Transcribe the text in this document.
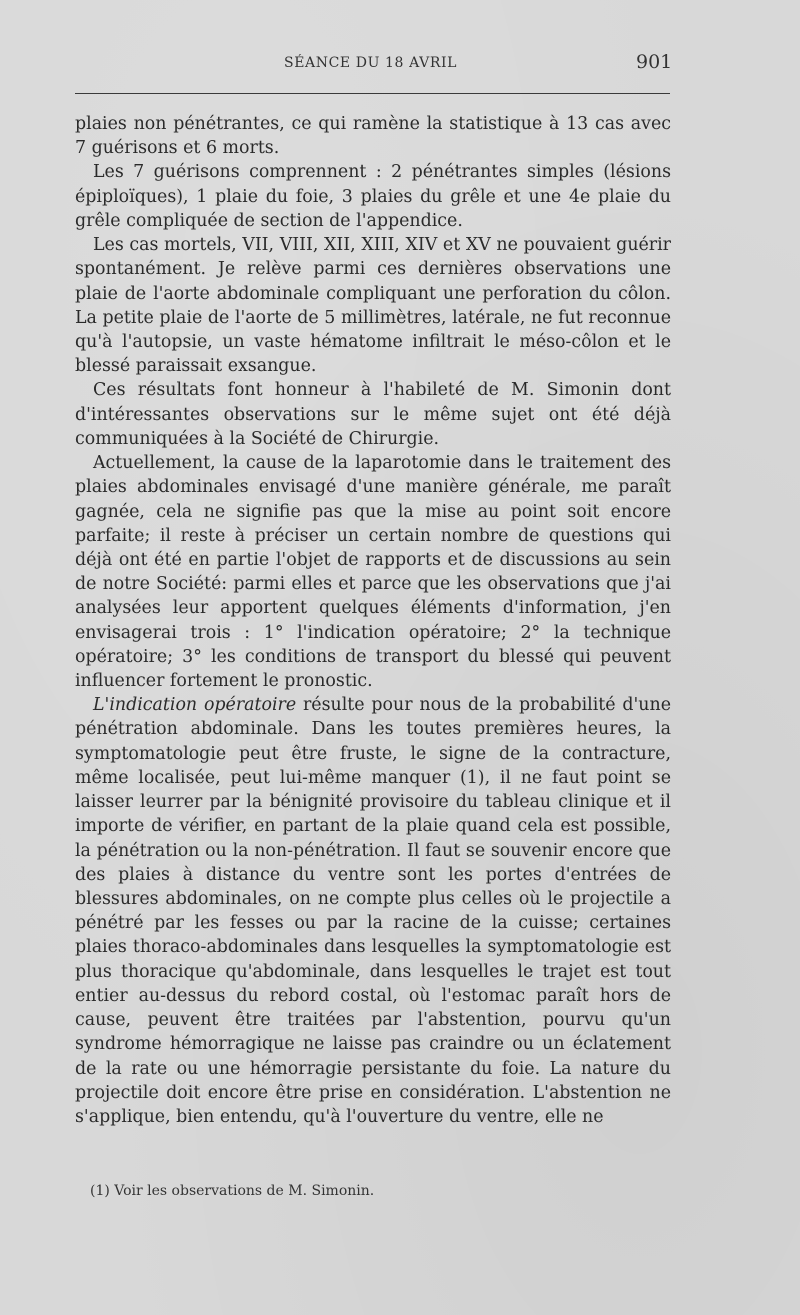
SÉANCE DU 18 AVRIL	901

plaies non pénétrantes, ce qui ramène la statistique à 13 cas avec 7 guérisons et 6 morts.

Les 7 guérisons comprennent : 2 pénétrantes simples (lésions épiploïques), 1 plaie du foie, 3 plaies du grêle et une 4e plaie du grêle compliquée de section de l'appendice.

Les cas mortels, VII, VIII, XII, XIII, XIV et XV ne pouvaient guérir spontanément. Je relève parmi ces dernières observations une plaie de l'aorte abdominale compliquant une perforation du côlon. La petite plaie de l'aorte de 5 millimètres, latérale, ne fut reconnue qu'à l'autopsie, un vaste hématome infiltrait le méso-côlon et le blessé paraissait exsangue.

Ces résultats font honneur à l'habileté de M. Simonin dont d'intéressantes observations sur le même sujet ont été déjà communiquées à la Société de Chirurgie.

Actuellement, la cause de la laparotomie dans le traitement des plaies abdominales envisagé d'une manière générale, me paraît gagnée, cela ne signifie pas que la mise au point soit encore parfaite; il reste à préciser un certain nombre de questions qui déjà ont été en partie l'objet de rapports et de discussions au sein de notre Société: parmi elles et parce que les observations que j'ai analysées leur apportent quelques éléments d'information, j'en envisagerai trois : 1° l'indication opératoire; 2° la technique opératoire; 3° les conditions de transport du blessé qui peuvent influencer fortement le pronostic.

L'indication opératoire résulte pour nous de la probabilité d'une pénétration abdominale. Dans les toutes premières heures, la symptomatologie peut être fruste, le signe de la contracture, même localisée, peut lui-même manquer (1), il ne faut point se laisser leurrer par la bénignité provisoire du tableau clinique et il importe de vérifier, en partant de la plaie quand cela est possible, la pénétration ou la non-pénétration. Il faut se souvenir encore que des plaies à distance du ventre sont les portes d'entrées de blessures abdominales, on ne compte plus celles où le projectile a pénétré par les fesses ou par la racine de la cuisse; certaines plaies thoraco-abdominales dans lesquelles la symptomatologie est plus thoracique qu'abdominale, dans lesquelles le trajet est tout entier au-dessus du rebord costal, où l'estomac paraît hors de cause, peuvent être traitées par l'abstention, pourvu qu'un syndrome hémorragique ne laisse pas craindre ou un éclatement de la rate ou une hémorragie persistante du foie. La nature du projectile doit encore être prise en considération. L'abstention ne s'applique, bien entendu, qu'à l'ouverture du ventre, elle ne

(1) Voir les observations de M. Simonin.
